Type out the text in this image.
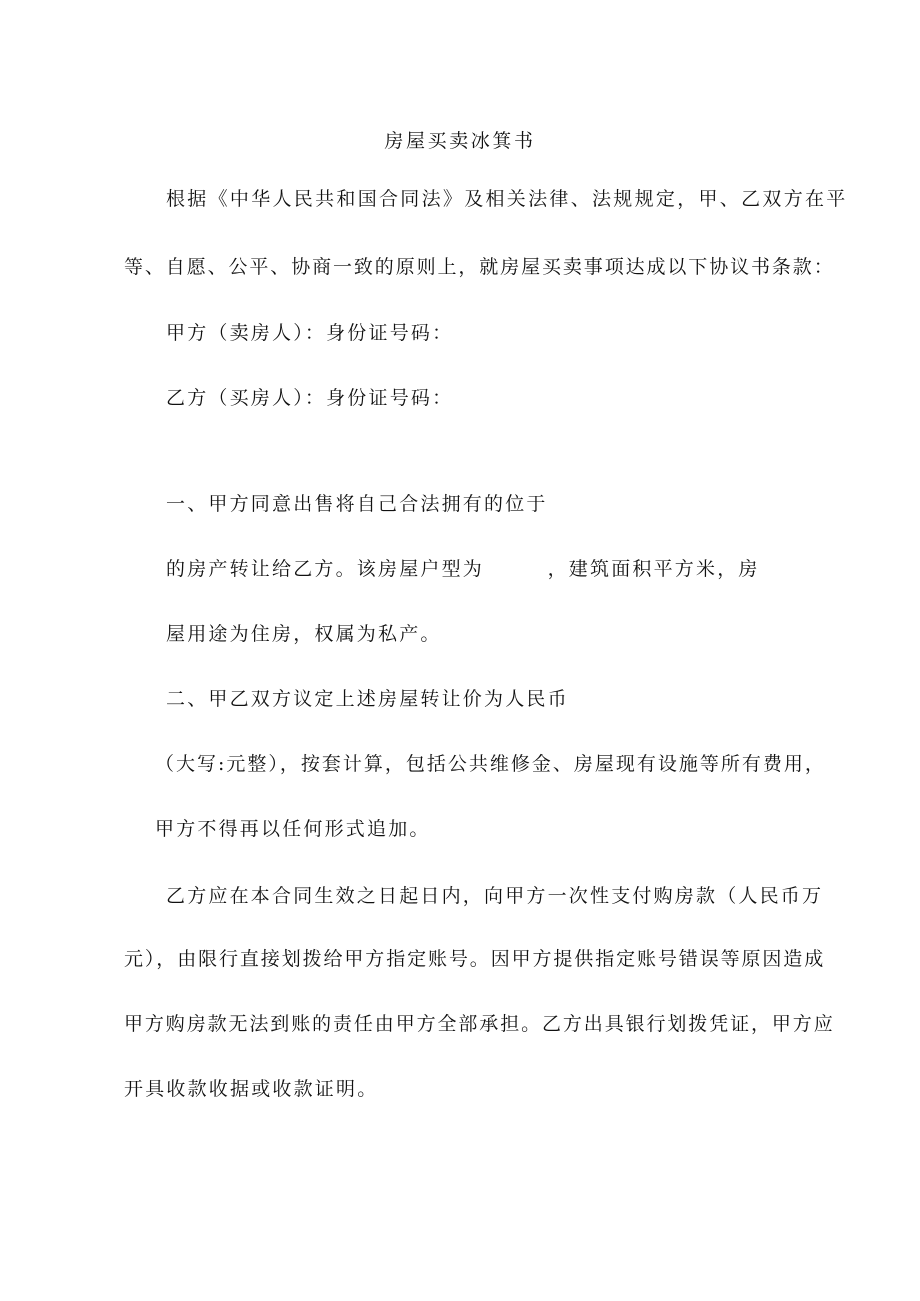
房屋买卖冰箕书
根据《中华人民共和国合同法》及相关法律、法规规定，甲、乙双方在平
等、自愿、公平、协商一致的原则上，就房屋买卖事项达成以下协议书条款：
甲方（卖房人）：身份证号码：
乙方（买房人）：身份证号码：
一、甲方同意出售将自己合法拥有的位于
的房产转让给乙方。该房屋户型为　　　，建筑面积平方米，房
屋用途为住房，权属为私产。
二、甲乙双方议定上述房屋转让价为人民币
（大写:元整），按套计算，包括公共维修金、房屋现有设施等所有费用，
甲方不得再以任何形式追加。
乙方应在本合同生效之日起日内，向甲方一次性支付购房款（人民币万
元），由限行直接划拨给甲方指定账号。因甲方提供指定账号错误等原因造成
甲方购房款无法到账的责任由甲方全部承担。乙方出具银行划拨凭证，甲方应
开具收款收据或收款证明。
